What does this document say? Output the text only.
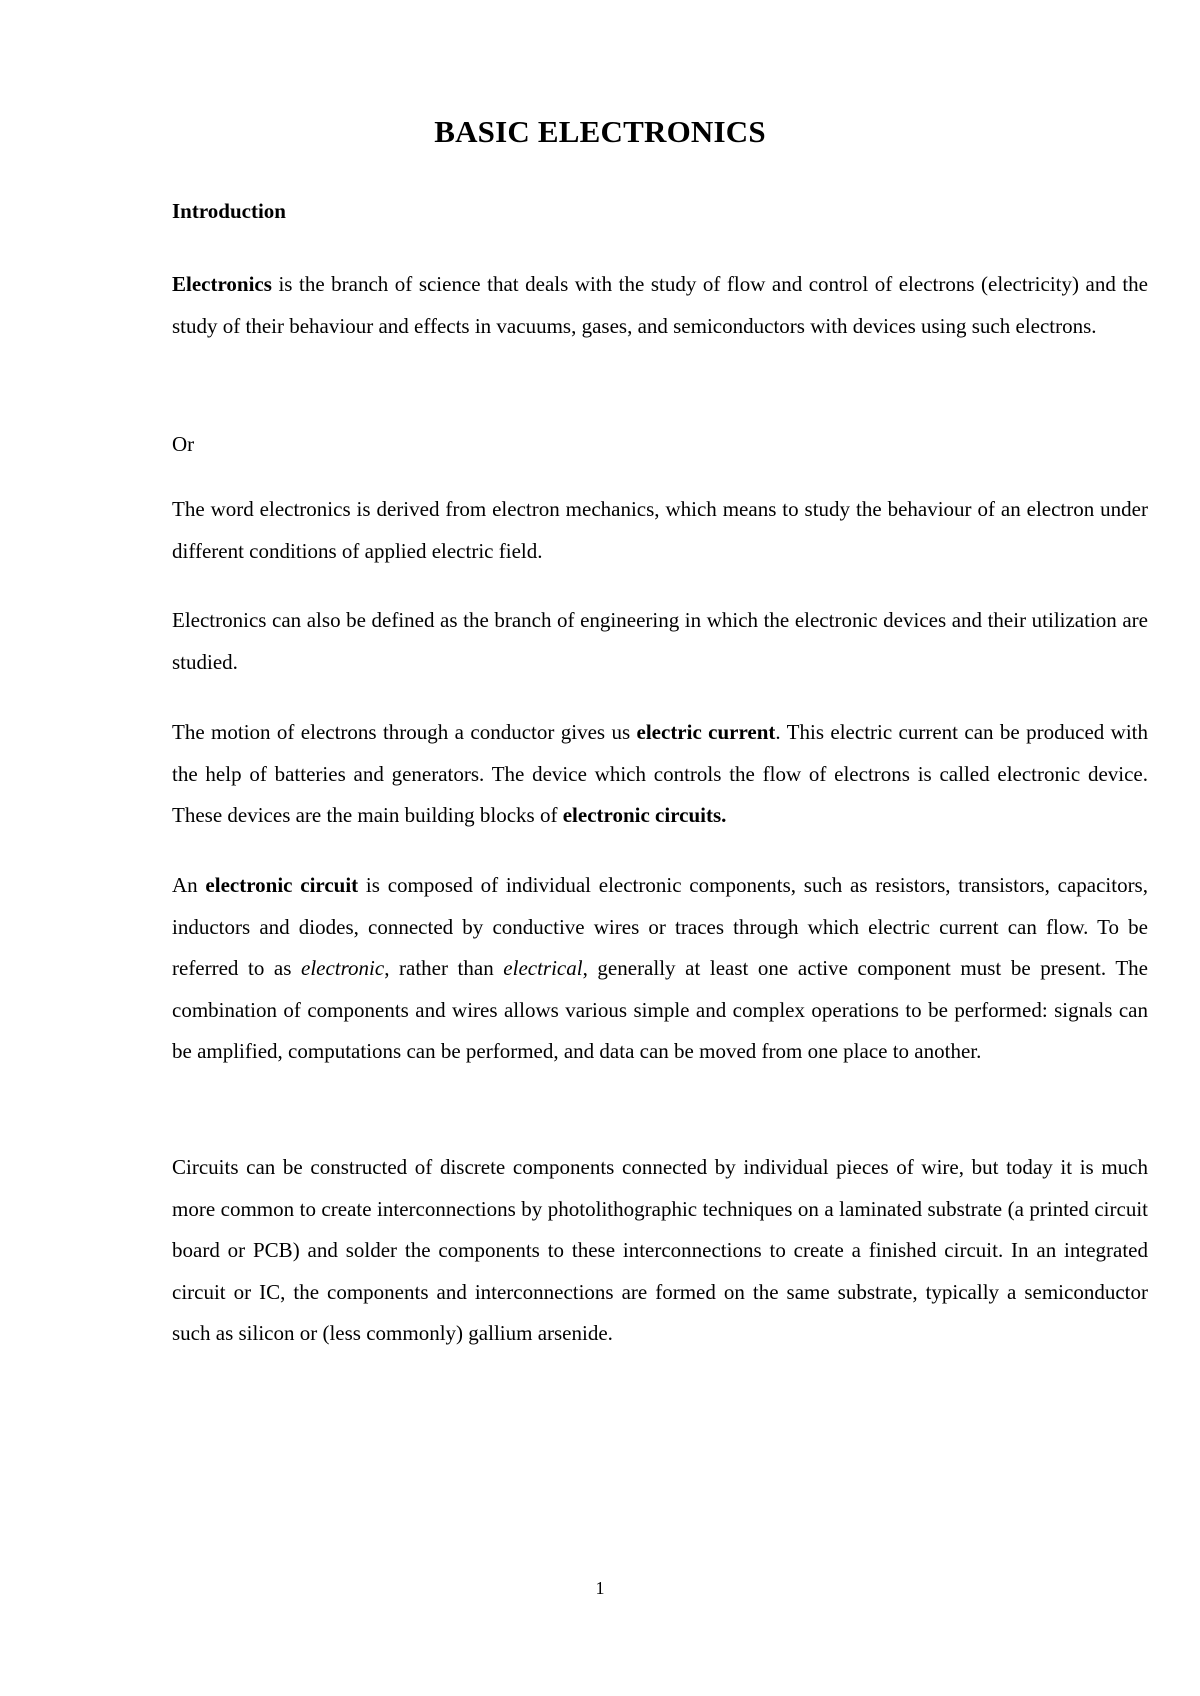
BASIC ELECTRONICS
Introduction

Electronics is the branch of science that deals with the study of flow and control of electrons (electricity) and the study of their behaviour and effects in vacuums, gases, and semiconductors with devices using such electrons.

Or

The word electronics is derived from electron mechanics, which means to study the behaviour of an electron under different conditions of applied electric field.

Electronics can also be defined as the branch of engineering in which the electronic devices and their utilization are studied.

The motion of electrons through a conductor gives us electric current. This electric current can be produced with the help of batteries and generators. The device which controls the flow of electrons is called electronic device. These devices are the main building blocks of electronic circuits.

An electronic circuit is composed of individual electronic components, such as resistors, transistors, capacitors, inductors and diodes, connected by conductive wires or traces through which electric current can flow. To be referred to as electronic, rather than electrical, generally at least one active component must be present. The combination of components and wires allows various simple and complex operations to be performed: signals can be amplified, computations can be performed, and data can be moved from one place to another.

Circuits can be constructed of discrete components connected by individual pieces of wire, but today it is much more common to create interconnections by photolithographic techniques on a laminated substrate (a printed circuit board or PCB) and solder the components to these interconnections to create a finished circuit. In an integrated circuit or IC, the components and interconnections are formed on the same substrate, typically a semiconductor such as silicon or (less commonly) gallium arsenide.

1
